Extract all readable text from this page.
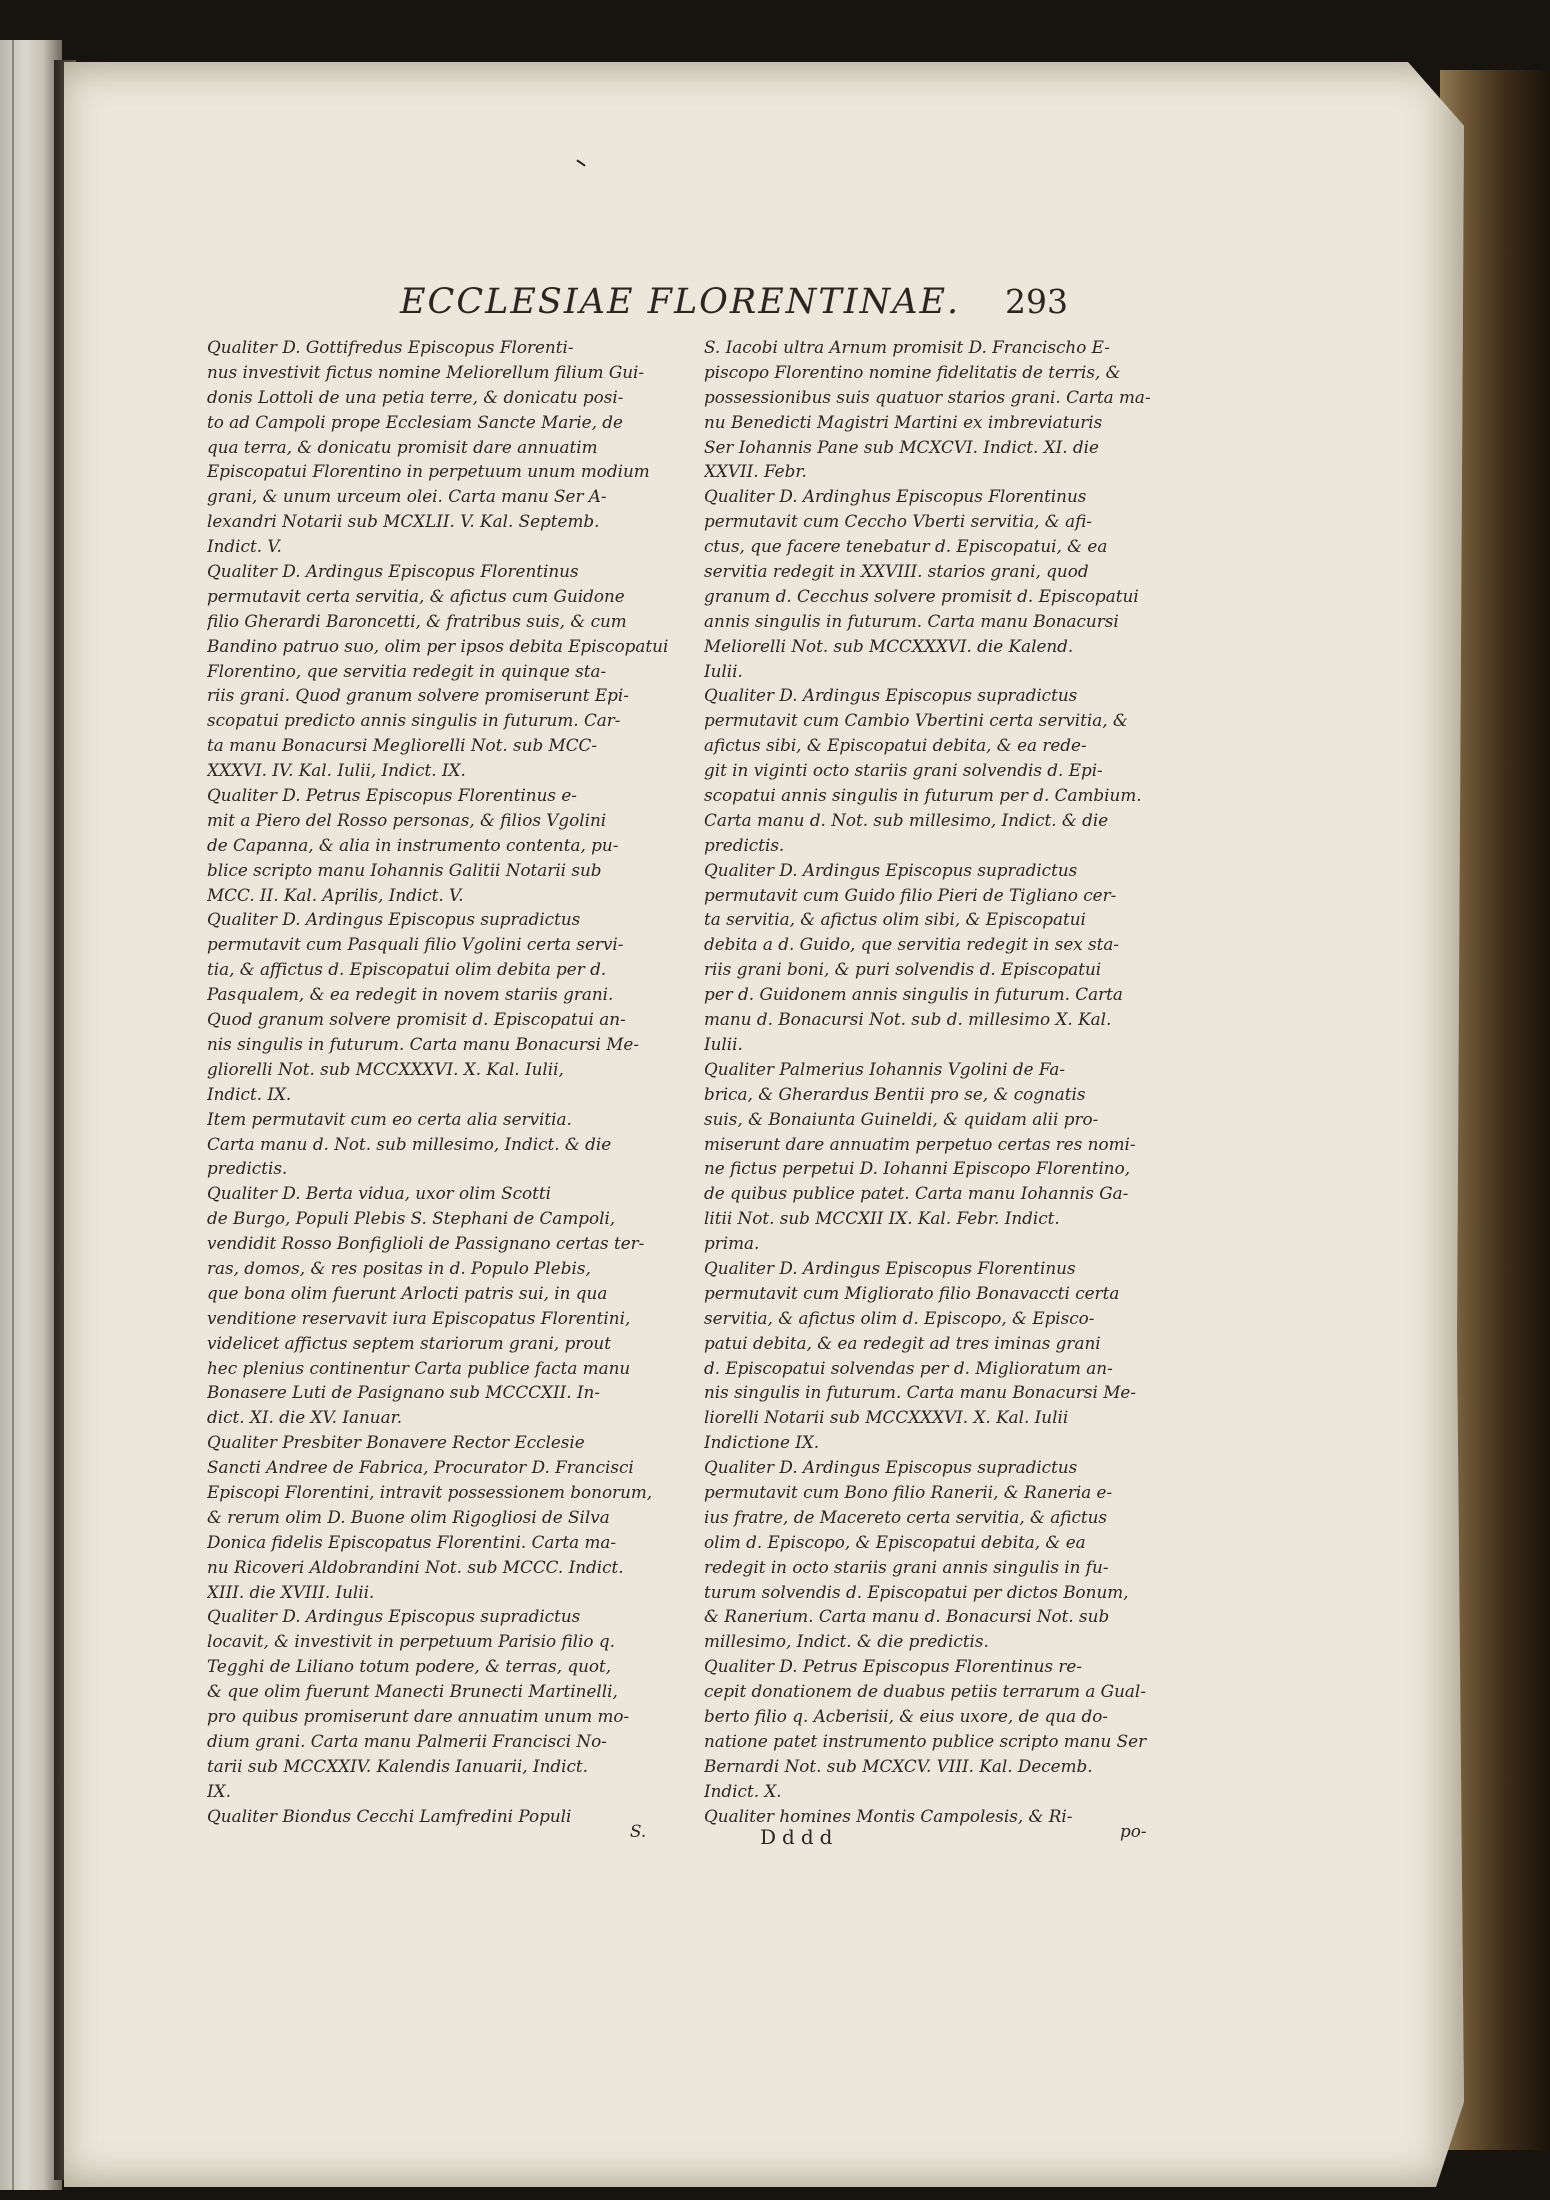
ECCLESIAE FLORENTINAE. 293
Qualiter D. Gottifredus Episcopus Florenti-
nus investivit fictus nomine Meliorellum filium Gui-
donis Lottoli de una petia terre, & donicatu posi-
to ad Campoli prope Ecclesiam Sancte Marie, de
qua terra, & donicatu promisit dare annuatim
Episcopatui Florentino in perpetuum unum modium
grani, & unum urceum olei. Carta manu Ser A-
lexandri Notarii sub MCXLII. V. Kal. Septemb.
Indict. V.
Qualiter D. Ardingus Episcopus Florentinus
permutavit certa servitia, & afictus cum Guidone
filio Gherardi Baroncetti, & fratribus suis, & cum
Bandino patruo suo, olim per ipsos debita Episcopatui
Florentino, que servitia redegit in quinque sta-
riis grani. Quod granum solvere promiserunt Epi-
scopatui predicto annis singulis in futurum. Car-
ta manu Bonacursi Megliorelli Not. sub MCC-
XXXVI. IV. Kal. Iulii, Indict. IX.
Qualiter D. Petrus Episcopus Florentinus e-
mit a Piero del Rosso personas, & filios Vgolini
de Capanna, & alia in instrumento contenta, pu-
blice scripto manu Iohannis Galitii Notarii sub
MCC. II. Kal. Aprilis, Indict. V.
Qualiter D. Ardingus Episcopus supradictus
permutavit cum Pasquali filio Vgolini certa servi-
tia, & affictus d. Episcopatui olim debita per d.
Pasqualem, & ea redegit in novem stariis grani.
Quod granum solvere promisit d. Episcopatui an-
nis singulis in futurum. Carta manu Bonacursi Me-
gliorelli Not. sub MCCXXXVI. X. Kal. Iulii,
Indict. IX.
Item permutavit cum eo certa alia servitia.
Carta manu d. Not. sub millesimo, Indict. & die
predictis.
Qualiter D. Berta vidua, uxor olim Scotti
de Burgo, Populi Plebis S. Stephani de Campoli,
vendidit Rosso Bonfiglioli de Passignano certas ter-
ras, domos, & res positas in d. Populo Plebis,
que bona olim fuerunt Arlocti patris sui, in qua
venditione reservavit iura Episcopatus Florentini,
videlicet affictus septem stariorum grani, prout
hec plenius continentur Carta publice facta manu
Bonasere Luti de Pasignano sub MCCCXII. In-
dict. XI. die XV. Ianuar.
Qualiter Presbiter Bonavere Rector Ecclesie
Sancti Andree de Fabrica, Procurator D. Francisci
Episcopi Florentini, intravit possessionem bonorum,
& rerum olim D. Buone olim Rigogliosi de Silva
Donica fidelis Episcopatus Florentini. Carta ma-
nu Ricoveri Aldobrandini Not. sub MCCC. Indict.
XIII. die XVIII. Iulii.
Qualiter D. Ardingus Episcopus supradictus
locavit, & investivit in perpetuum Parisio filio q.
Tegghi de Liliano totum podere, & terras, quot,
& que olim fuerunt Manecti Brunecti Martinelli,
pro quibus promiserunt dare annuatim unum mo-
dium grani. Carta manu Palmerii Francisci No-
tarii sub MCCXXIV. Kalendis Ianuarii, Indict.
IX.
Qualiter Biondus Cecchi Lamfredini Populi
S. Iacobi ultra Arnum promisit D. Francischo E-
piscopo Florentino nomine fidelitatis de terris, &
possessionibus suis quatuor starios grani. Carta ma-
nu Benedicti Magistri Martini ex imbreviaturis
Ser Iohannis Pane sub MCXCVI. Indict. XI. die
XXVII. Febr.
Qualiter D. Ardinghus Episcopus Florentinus
permutavit cum Ceccho Vberti servitia, & afi-
ctus, que facere tenebatur d. Episcopatui, & ea
servitia redegit in XXVIII. starios grani, quod
granum d. Cecchus solvere promisit d. Episcopatui
annis singulis in futurum. Carta manu Bonacursi
Meliorelli Not. sub MCCXXXVI. die Kalend.
Iulii.
Qualiter D. Ardingus Episcopus supradictus
permutavit cum Cambio Vbertini certa servitia, &
afictus sibi, & Episcopatui debita, & ea rede-
git in viginti octo stariis grani solvendis d. Epi-
scopatui annis singulis in futurum per d. Cambium.
Carta manu d. Not. sub millesimo, Indict. & die
predictis.
Qualiter D. Ardingus Episcopus supradictus
permutavit cum Guido filio Pieri de Tigliano cer-
ta servitia, & afictus olim sibi, & Episcopatui
debita a d. Guido, que servitia redegit in sex sta-
riis grani boni, & puri solvendis d. Episcopatui
per d. Guidonem annis singulis in futurum. Carta
manu d. Bonacursi Not. sub d. millesimo X. Kal.
Iulii.
Qualiter Palmerius Iohannis Vgolini de Fa-
brica, & Gherardus Bentii pro se, & cognatis
suis, & Bonaiunta Guineldi, & quidam alii pro-
miserunt dare annuatim perpetuo certas res nomi-
ne fictus perpetui D. Iohanni Episcopo Florentino,
de quibus publice patet. Carta manu Iohannis Ga-
litii Not. sub MCCXII IX. Kal. Febr. Indict.
prima.
Qualiter D. Ardingus Episcopus Florentinus
permutavit cum Migliorato filio Bonavaccti certa
servitia, & afictus olim d. Episcopo, & Episco-
patui debita, & ea redegit ad tres iminas grani
d. Episcopatui solvendas per d. Miglioratum an-
nis singulis in futurum. Carta manu Bonacursi Me-
liorelli Notarii sub MCCXXXVI. X. Kal. Iulii
Indictione IX.
Qualiter D. Ardingus Episcopus supradictus
permutavit cum Bono filio Ranerii, & Raneria e-
ius fratre, de Macereto certa servitia, & afictus
olim d. Episcopo, & Episcopatui debita, & ea
redegit in octo stariis grani annis singulis in fu-
turum solvendis d. Episcopatui per dictos Bonum,
& Ranerium. Carta manu d. Bonacursi Not. sub
millesimo, Indict. & die predictis.
Qualiter D. Petrus Episcopus Florentinus re-
cepit donationem de duabus petiis terrarum a Gual-
berto filio q. Acberisii, & eius uxore, de qua do-
natione patet instrumento publice scripto manu Ser
Bernardi Not. sub MCXCV. VIII. Kal. Decemb.
Indict. X.
Qualiter homines Montis Campolesis, & Ri-
S.	Dddd	po-
